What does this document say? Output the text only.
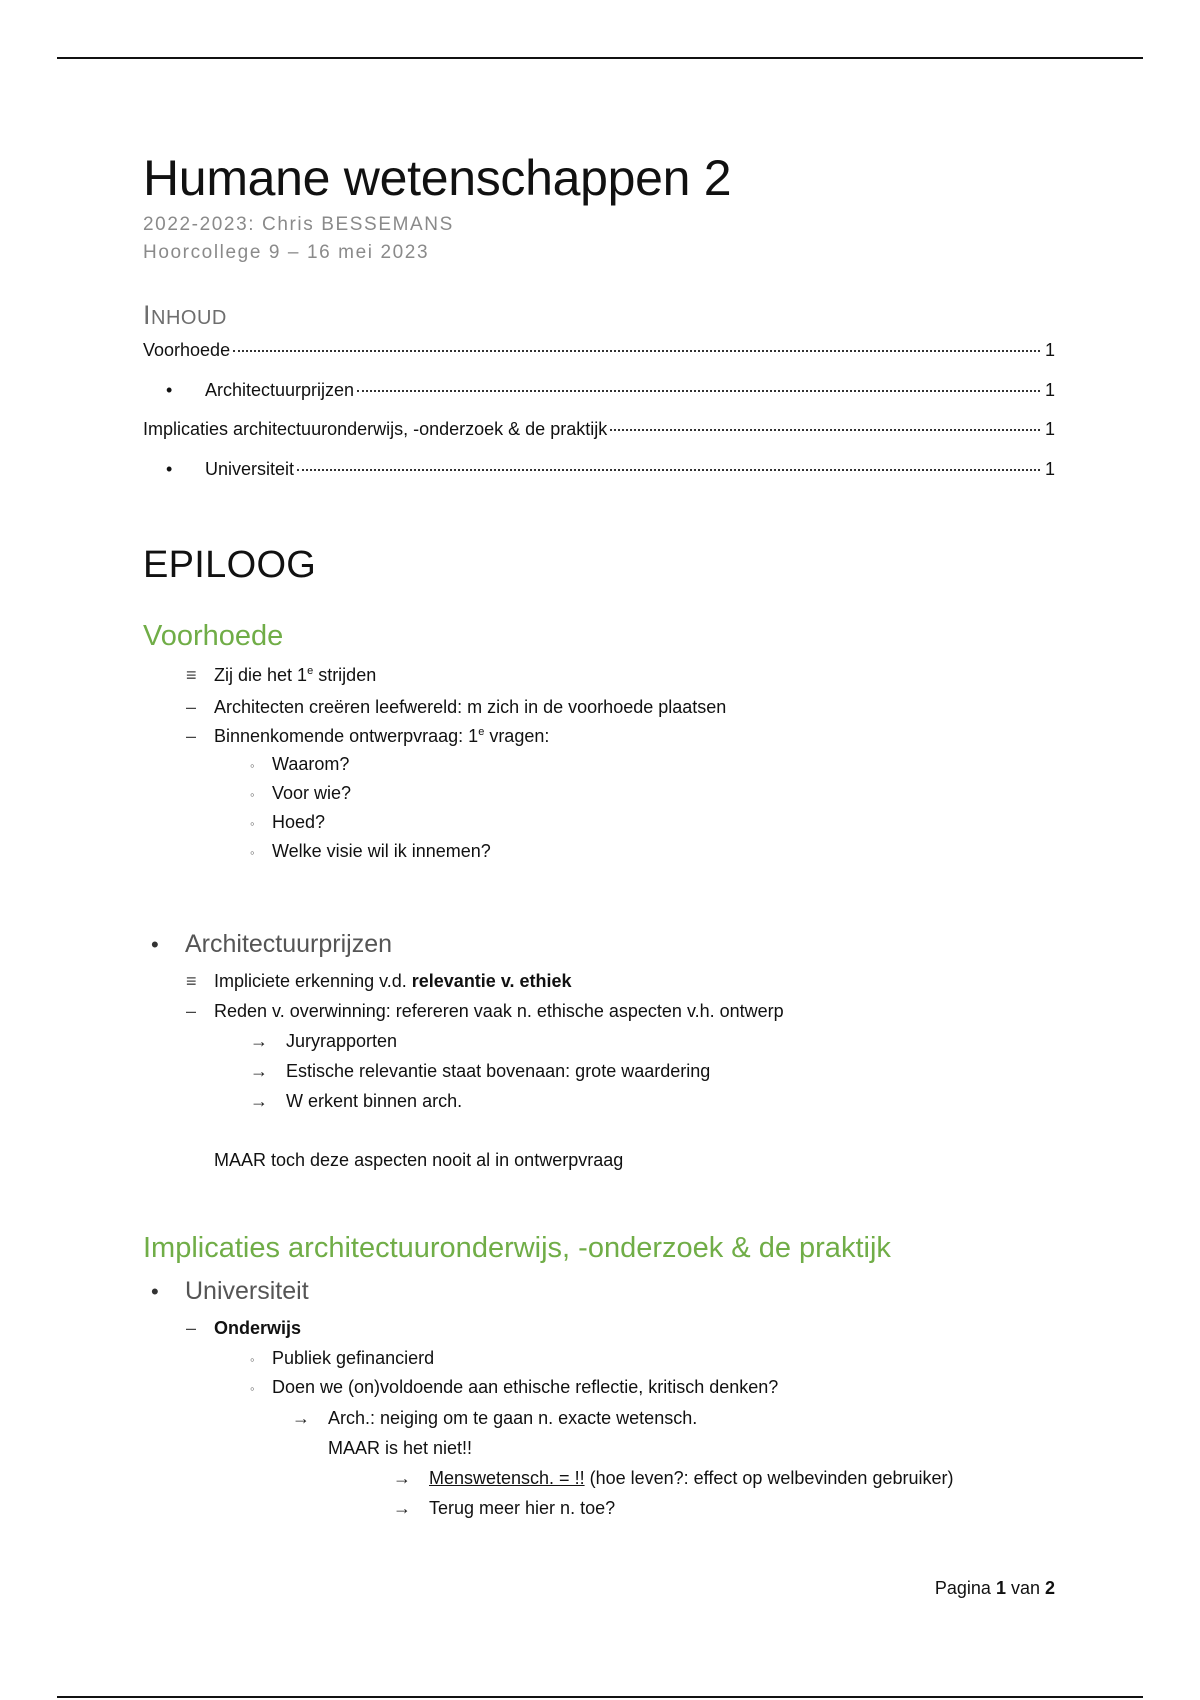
Humane wetenschappen 2
2022-2023: Chris BESSEMANS
Hoorcollege 9 – 16 mei 2023
INHOUD
Voorhoede	1
•	Architectuurprijzen	1
Implicaties architectuuronderwijs, -onderzoek & de praktijk	1
•	Universiteit	1
EPILOOG
Voorhoede
≡ Zij die het 1e strijden
– Architecten creëren leefwereld: m zich in de voorhoede plaatsen
– Binnenkomende ontwerpvraag: 1e vragen:
◦ Waarom?
◦ Voor wie?
◦ Hoed?
◦ Welke visie wil ik innemen?
•	Architectuurprijzen
≡ Impliciete erkenning v.d. relevantie v. ethiek
– Reden v. overwinning: refereren vaak n. ethische aspecten v.h. ontwerp
→ Juryrapporten
→ Estische relevantie staat bovenaan: grote waardering
→ W erkent binnen arch.
MAAR toch deze aspecten nooit al in ontwerpvraag
Implicaties architectuuronderwijs, -onderzoek & de praktijk
•	Universiteit
– Onderwijs
◦ Publiek gefinancierd
◦ Doen we (on)voldoende aan ethische reflectie, kritisch denken?
→ Arch.: neiging om te gaan n. exacte wetensch.
MAAR is het niet!!
→ Menswetensch. = !! (hoe leven?: effect op welbevinden gebruiker)
→ Terug meer hier n. toe?
Pagina 1 van 2
